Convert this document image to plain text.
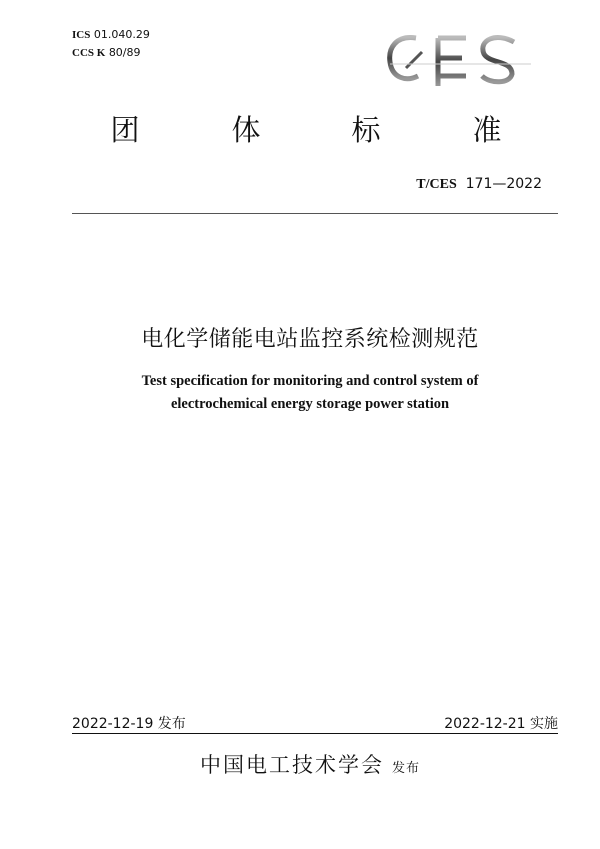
ICS 01.040.29
CCS K 80/89
团	体	标	准
T/CES 171—2022
电化学储能电站监控系统检测规范
Test specification for monitoring and control system of
electrochemical energy storage power station
2022-12-19 发布	2022-12-21 实施
中国电工技术学会 发布
